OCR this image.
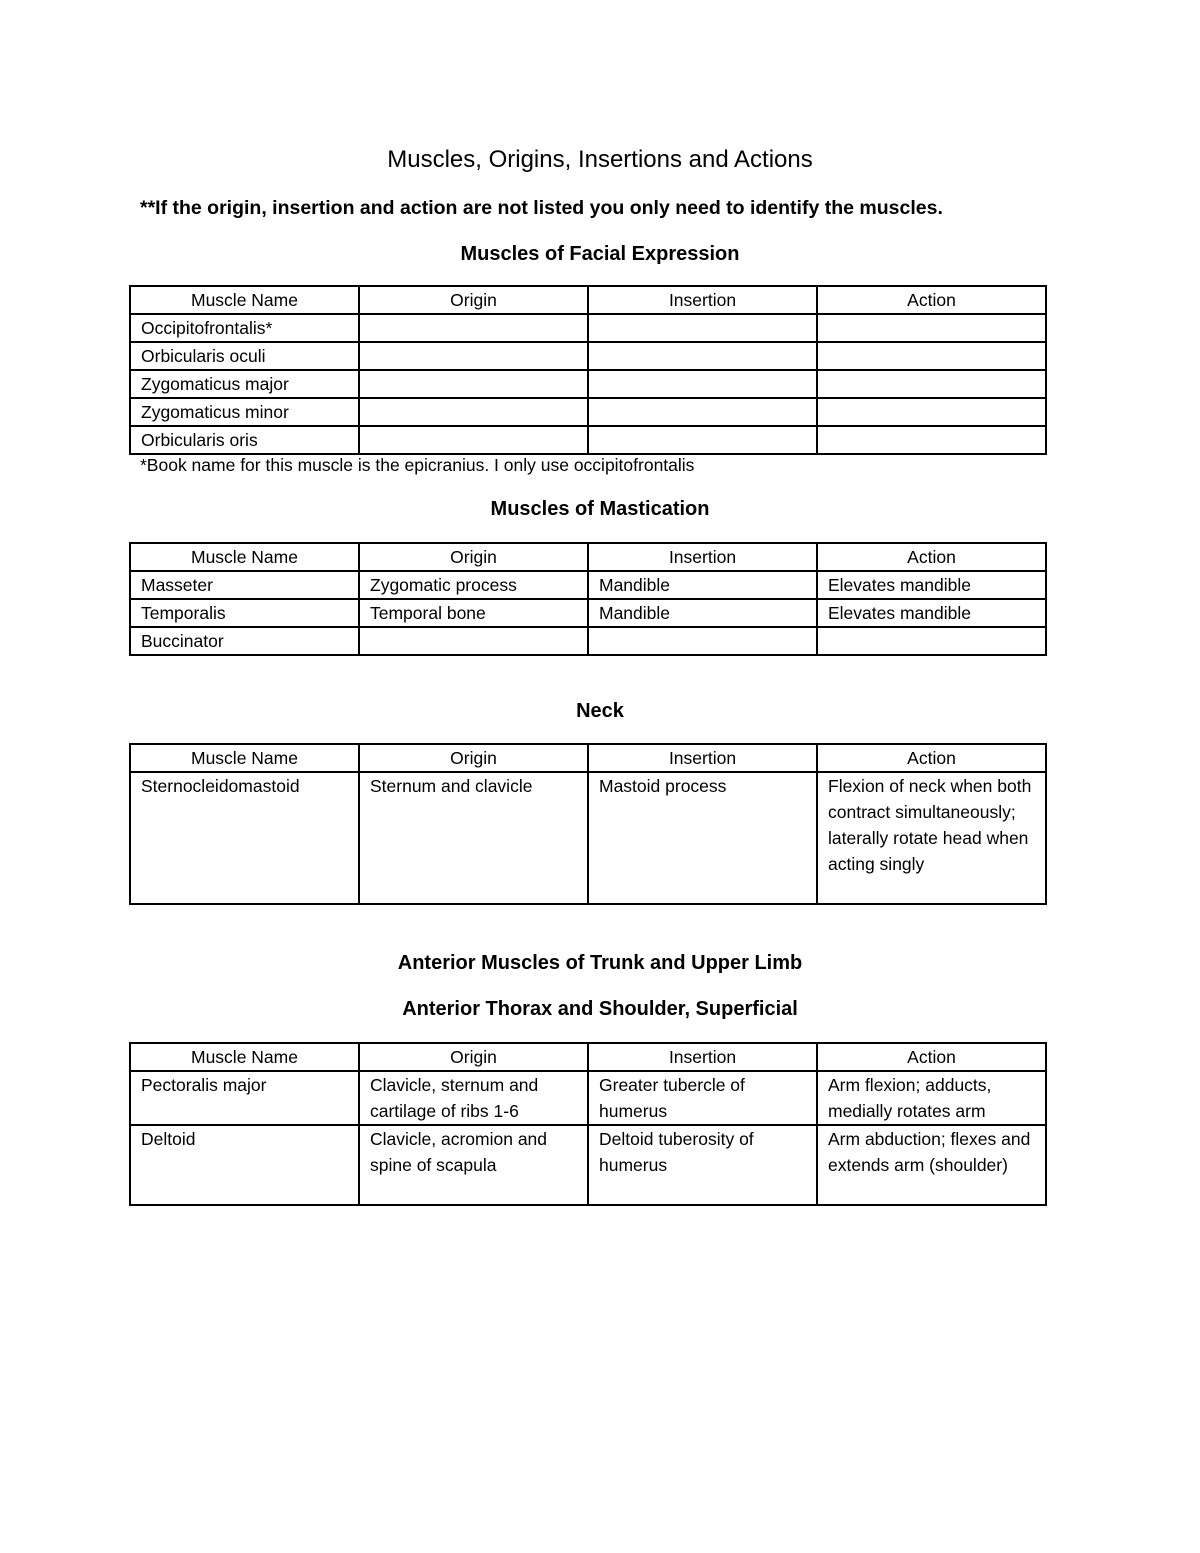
Muscles, Origins, Insertions and Actions
**If the origin, insertion and action are not listed you only need to identify the muscles.
Muscles of Facial Expression
Muscle Name	Origin	Insertion	Action
Occipitofrontalis*			
Orbicularis oculi			
Zygomaticus major			
Zygomaticus minor			
Orbicularis oris			
*Book name for this muscle is the epicranius. I only use occipitofrontalis
Muscles of Mastication
Muscle Name	Origin	Insertion	Action
Masseter	Zygomatic process	Mandible	Elevates mandible
Temporalis	Temporal bone	Mandible	Elevates mandible
Buccinator			
Neck
Muscle Name	Origin	Insertion	Action
Sternocleidomastoid	Sternum and clavicle	Mastoid process	Flexion of neck when both contract simultaneously; laterally rotate head when acting singly
Anterior Muscles of Trunk and Upper Limb
Anterior Thorax and Shoulder, Superficial
Muscle Name	Origin	Insertion	Action
Pectoralis major	Clavicle, sternum and cartilage of ribs 1-6	Greater tubercle of humerus	Arm flexion; adducts, medially rotates arm
Deltoid	Clavicle, acromion and spine of scapula	Deltoid tuberosity of humerus	Arm abduction; flexes and extends arm (shoulder)
